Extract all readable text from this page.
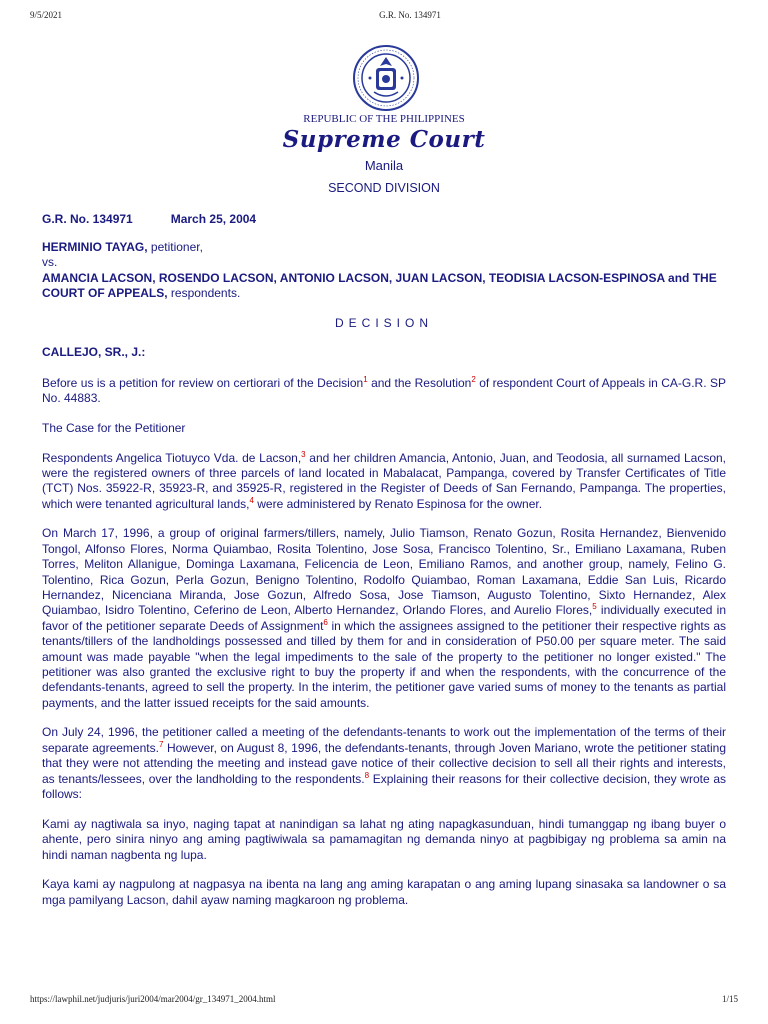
9/5/2021	G.R. No. 134971
REPUBLIC OF THE PHILIPPINES
Supreme Court
Manila
SECOND DIVISION
G.R. No. 134971	March 25, 2004
HERMINIO TAYAG, petitioner,
vs.
AMANCIA LACSON, ROSENDO LACSON, ANTONIO LACSON, JUAN LACSON, TEODISIA LACSON-ESPINOSA and THE COURT OF APPEALS, respondents.
DECISION
CALLEJO, SR., J.:

Before us is a petition for review on certiorari of the Decision$^1$ and the Resolution$^2$ of respondent Court of Appeals in CA-G.R. SP No. 44883.

The Case for the Petitioner

Respondents Angelica Tiotuyco Vda. de Lacson,$^3$ and her children Amancia, Antonio, Juan, and Teodosia, all surnamed Lacson, were the registered owners of three parcels of land located in Mabalacat, Pampanga, covered by Transfer Certificates of Title (TCT) Nos. 35922-R, 35923-R, and 35925-R, registered in the Register of Deeds of San Fernando, Pampanga. The properties, which were tenanted agricultural lands,$^4$ were administered by Renato Espinosa for the owner.

On March 17, 1996, a group of original farmers/tillers, namely, Julio Tiamson, Renato Gozun, Rosita Hernandez, Bienvenido Tongol, Alfonso Flores, Norma Quiambao, Rosita Tolentino, Jose Sosa, Francisco Tolentino, Sr., Emiliano Laxamana, Ruben Torres, Meliton Allanigue, Dominga Laxamana, Felicencia de Leon, Emiliano Ramos, and another group, namely, Felino G. Tolentino, Rica Gozun, Perla Gozun, Benigno Tolentino, Rodolfo Quiambao, Roman Laxamana, Eddie San Luis, Ricardo Hernandez, Nicenciana Miranda, Jose Gozun, Alfredo Sosa, Jose Tiamson, Augusto Tolentino, Sixto Hernandez, Alex Quiambao, Isidro Tolentino, Ceferino de Leon, Alberto Hernandez, Orlando Flores, and Aurelio Flores,$^5$ individually executed in favor of the petitioner separate Deeds of Assignment$^6$ in which the assignees assigned to the petitioner their respective rights as tenants/tillers of the landholdings possessed and tilled by them for and in consideration of P50.00 per square meter. The said amount was made payable "when the legal impediments to the sale of the property to the petitioner no longer existed." The petitioner was also granted the exclusive right to buy the property if and when the respondents, with the concurrence of the defendants-tenants, agreed to sell the property. In the interim, the petitioner gave varied sums of money to the tenants as partial payments, and the latter issued receipts for the said amounts.

On July 24, 1996, the petitioner called a meeting of the defendants-tenants to work out the implementation of the terms of their separate agreements.$^7$ However, on August 8, 1996, the defendants-tenants, through Joven Mariano, wrote the petitioner stating that they were not attending the meeting and instead gave notice of their collective decision to sell all their rights and interests, as tenants/lessees, over the landholding to the respondents.$^8$ Explaining their reasons for their collective decision, they wrote as follows:

Kami ay nagtiwala sa inyo, naging tapat at nanindigan sa lahat ng ating napagkasunduan, hindi tumanggap ng ibang buyer o ahente, pero sinira ninyo ang aming pagtiwiwala sa pamamagitan ng demanda ninyo at pagbibigay ng problema sa amin na hindi naman nagbenta ng lupa.

Kaya kami ay nagpulong at nagpasya na ibenta na lang ang aming karapatan o ang aming lupang sinasaka sa landowner o sa mga pamilyang Lacson, dahil ayaw naming magkaroon ng problema.

https://lawphil.net/judjuris/juri2004/mar2004/gr_134971_2004.html	1/15
